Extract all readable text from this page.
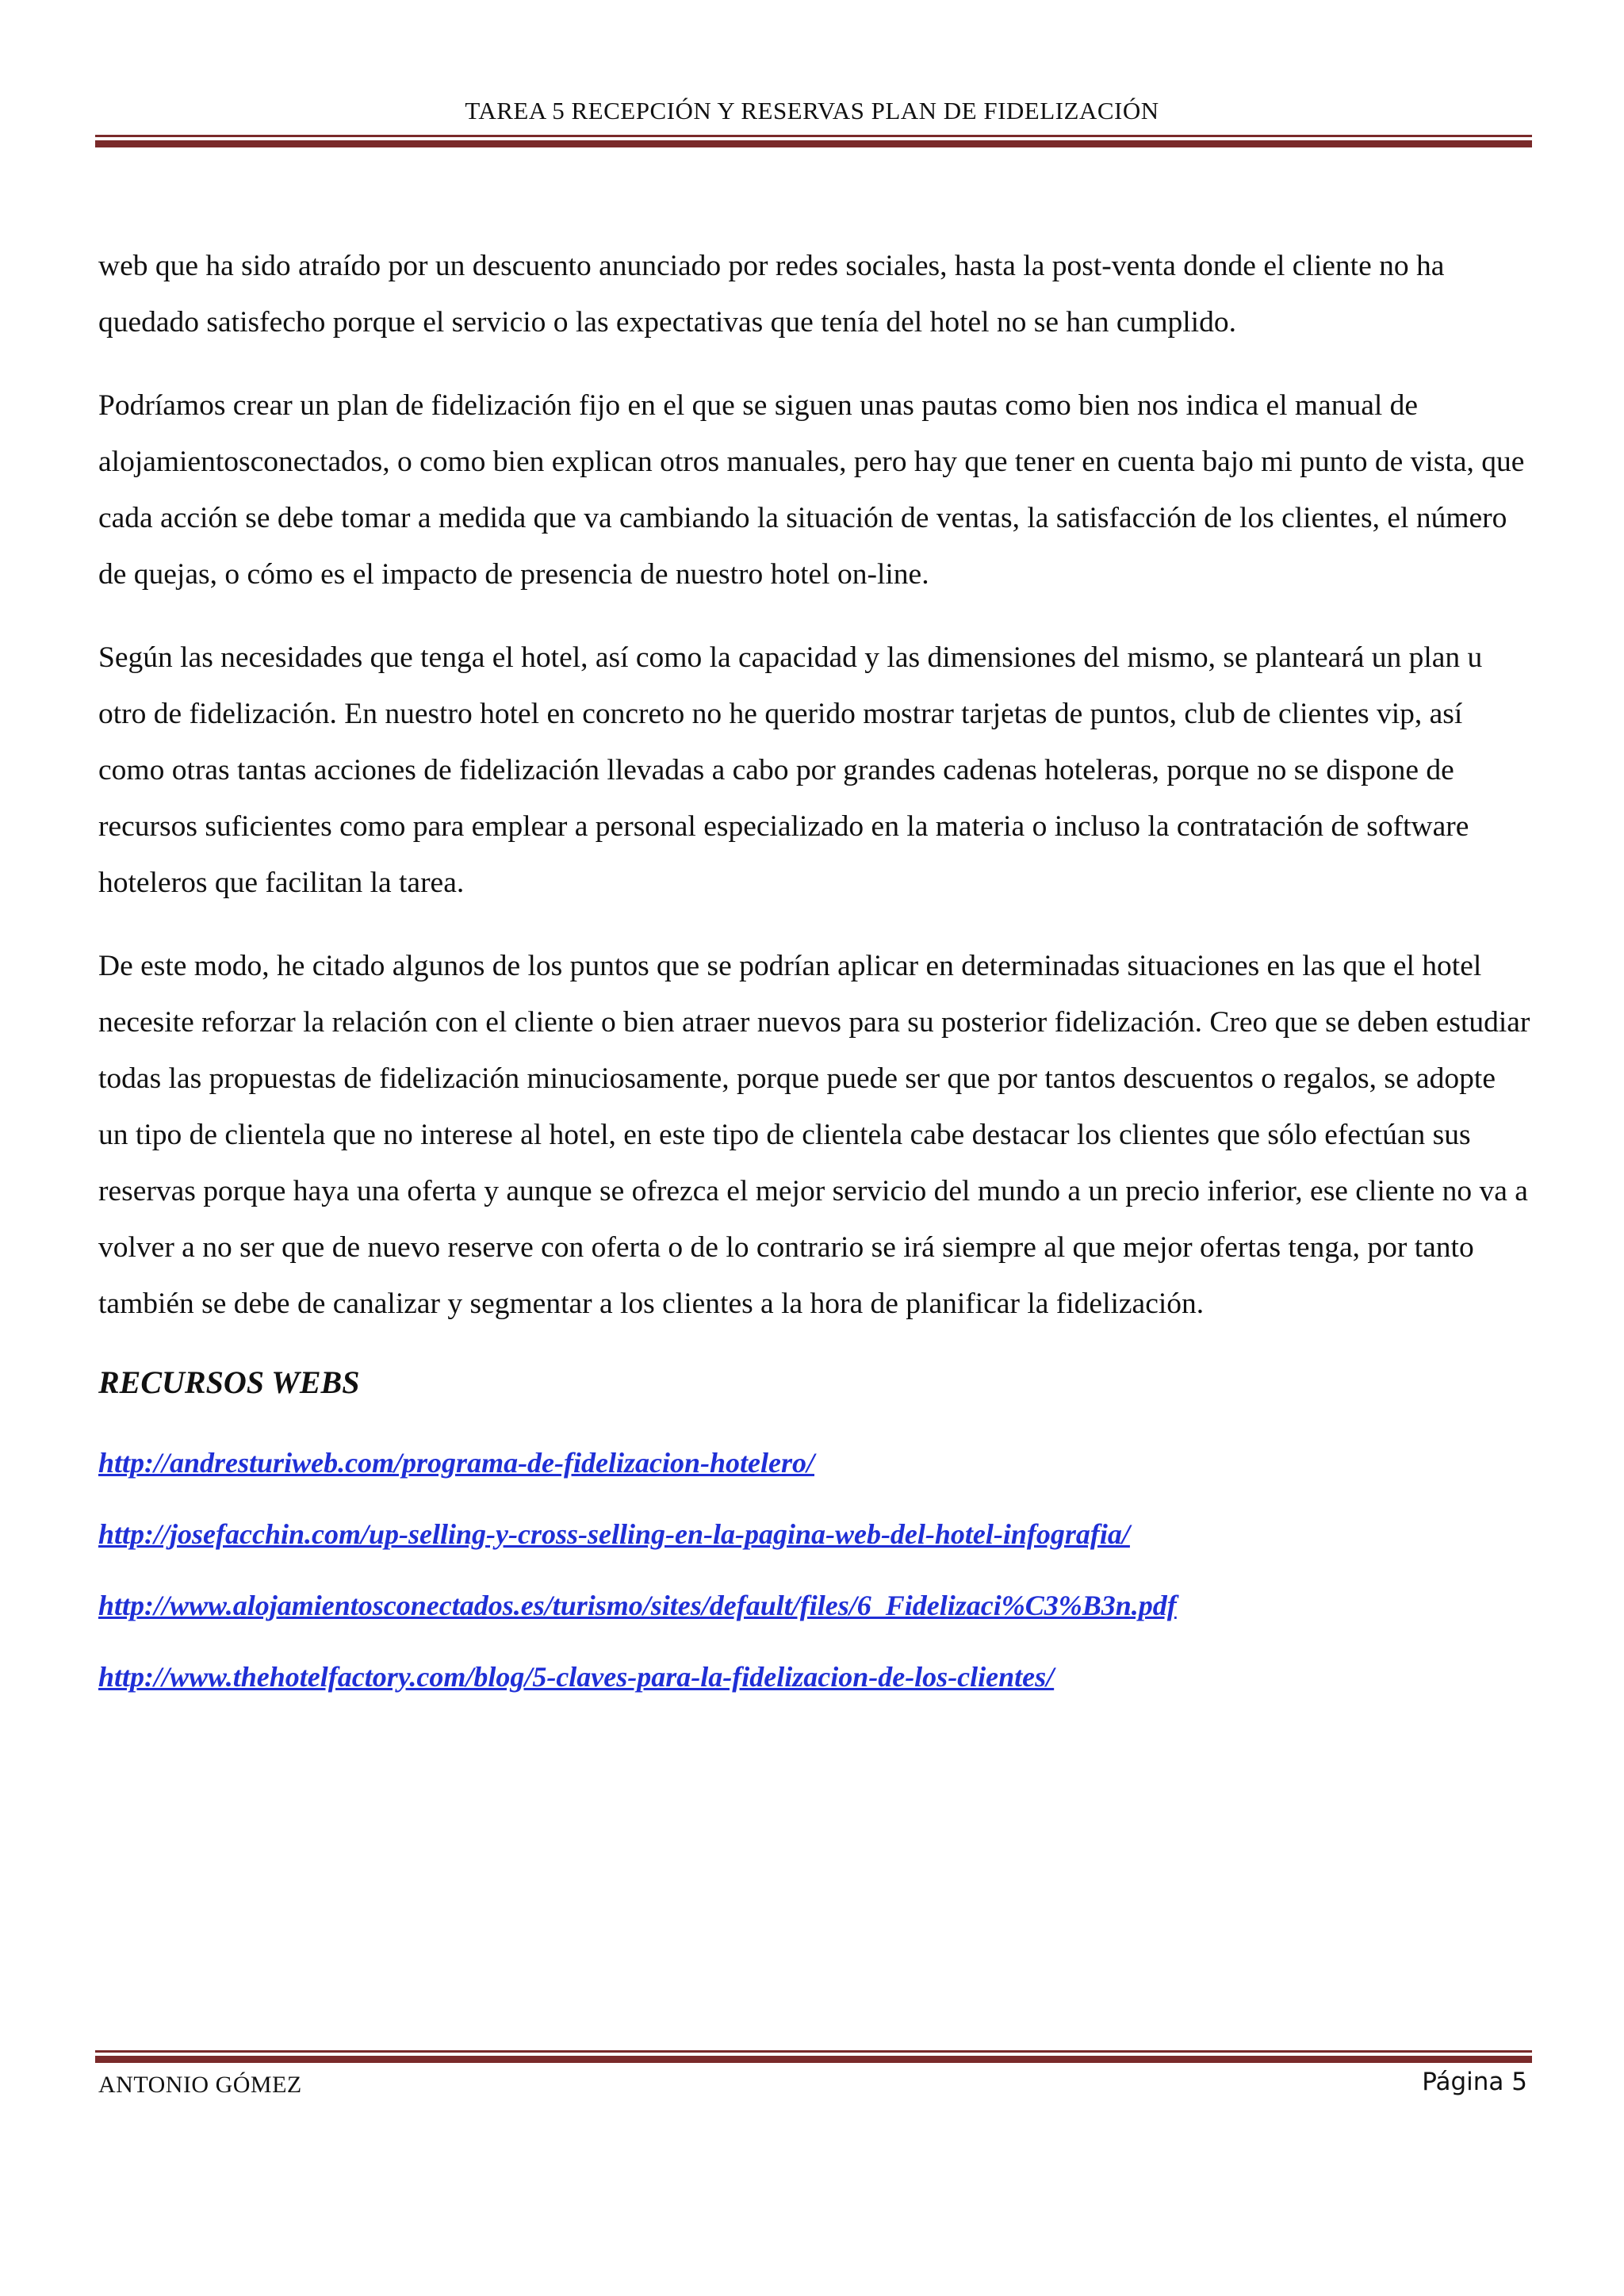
TAREA 5 RECEPCIÓN Y RESERVAS PLAN DE FIDELIZACIÓN

web que ha sido atraído por un descuento anunciado por redes sociales, hasta la post-venta donde el cliente no ha quedado satisfecho porque el servicio o las expectativas que tenía del hotel no se han cumplido.

Podríamos crear un plan de fidelización fijo en el que se siguen unas pautas como bien nos indica el manual de alojamientosconectados, o como bien explican otros manuales, pero hay que tener en cuenta bajo mi punto de vista, que cada acción se debe tomar a medida que va cambiando la situación de ventas, la satisfacción de los clientes, el número de quejas, o cómo es el impacto de presencia de nuestro hotel on-line.

Según las necesidades que tenga el hotel, así como la capacidad y las dimensiones del mismo, se planteará un plan u otro de fidelización. En nuestro hotel en concreto no he querido mostrar tarjetas de puntos, club de clientes vip, así como otras tantas acciones de fidelización llevadas a cabo por grandes cadenas hoteleras, porque no se dispone de recursos suficientes como para emplear a personal especializado en la materia o incluso la contratación de software hoteleros que facilitan la tarea.

De este modo, he citado algunos de los puntos que se podrían aplicar en determinadas situaciones en las que el hotel necesite reforzar la relación con el cliente o bien atraer nuevos para su posterior fidelización. Creo que se deben estudiar todas las propuestas de fidelización minuciosamente, porque puede ser que por tantos descuentos o regalos, se adopte un tipo de clientela que no interese al hotel, en este tipo de clientela cabe destacar los clientes que sólo efectúan sus reservas porque haya una oferta y aunque se ofrezca el mejor servicio del mundo a un precio inferior, ese cliente no va a volver a no ser que de nuevo reserve con oferta o de lo contrario se irá siempre al que mejor ofertas tenga, por tanto también se debe de canalizar y segmentar a los clientes a la hora de planificar la fidelización.

RECURSOS WEBS
http://andresturiweb.com/programa-de-fidelizacion-hotelero/
http://josefacchin.com/up-selling-y-cross-selling-en-la-pagina-web-del-hotel-infografia/
http://www.alojamientosconectados.es/turismo/sites/default/files/6_Fidelizaci%C3%B3n.pdf
http://www.thehotelfactory.com/blog/5-claves-para-la-fidelizacion-de-los-clientes/
ANTONIO GÓMEZ	Página 5
